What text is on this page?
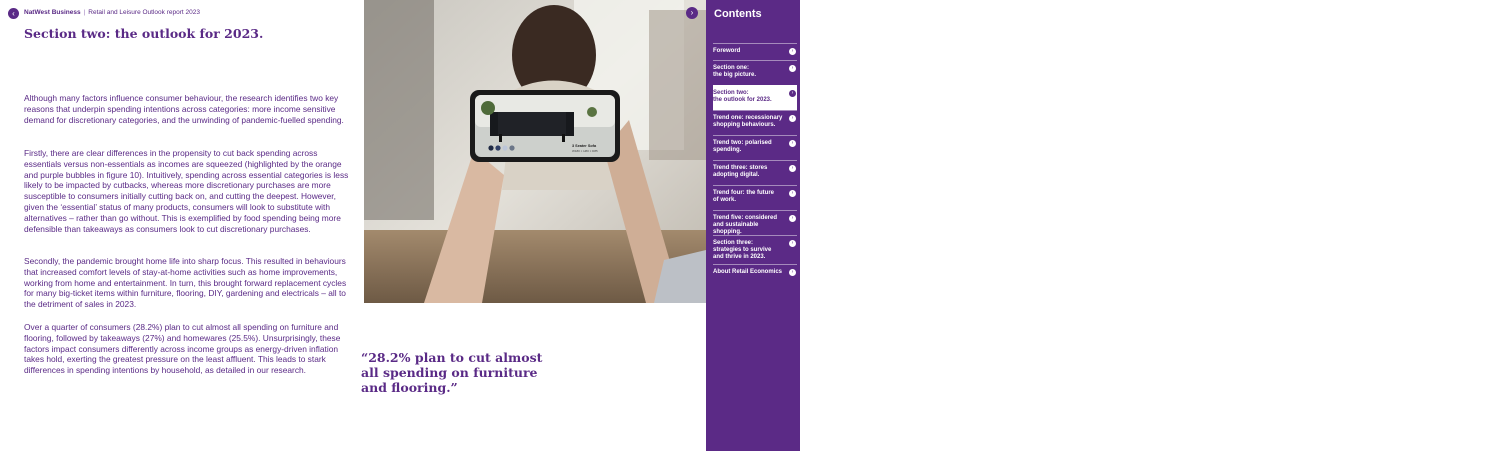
‹	NatWest Business | Retail and Leisure Outlook report 2023
Section two: the outlook for 2023.

Although many factors influence consumer behaviour, the research identifies two key reasons that underpin spending intentions across categories: more income sensitive demand for discretionary categories, and the unwinding of pandemic-fuelled spending.

Firstly, there are clear differences in the propensity to cut back spending across essentials versus non-essentials as incomes are squeezed (highlighted by the orange and purple bubbles in figure 10). Intuitively, spending across essential categories is less likely to be impacted by cutbacks, whereas more discretionary purchases are more susceptible to consumers initially cutting back on, and cutting the deepest. However, given the ‘essential’ status of many products, consumers will look to substitute with alternatives – rather than go without. This is exemplified by food spending being more defensible than takeaways as consumers look to cut discretionary purchases.

Secondly, the pandemic brought home life into sharp focus. This resulted in behaviours that increased comfort levels of stay-at-home activities such as home improvements, working from home and entertainment. In turn, this brought forward replacement cycles for many big-ticket items within furniture, flooring, DIY, gardening and electricals – all to the detriment of sales in 2023.

Over a quarter of consumers (28.2%) plan to cut almost all spending on furniture and flooring, followed by takeaways (27%) and homewares (25.5%). Unsurprisingly, these factors impact consumers differently across income groups as energy-driven inflation takes hold, exerting the greatest pressure on the least affluent. This leads to stark differences in spending intentions by household, as detailed in our research.

3 Seater Sofa
W180 × H80 × D85

“28.2% plan to cut almost
all spending on furniture
and flooring.”

›	Contents
Foreword	›
Section one:
the big picture.
›
Section two:
the outlook for 2023.
›
Trend one: recessionary
shopping behaviours.
›
Trend two: polarised
spending.
›
Trend three: stores
adopting digital.
›
Trend four: the future
of work.
›
Trend five: considered
and sustainable shopping.
›
Section three:
strategies to survive
and thrive in 2023.
›
About Retail Economics	›
14
